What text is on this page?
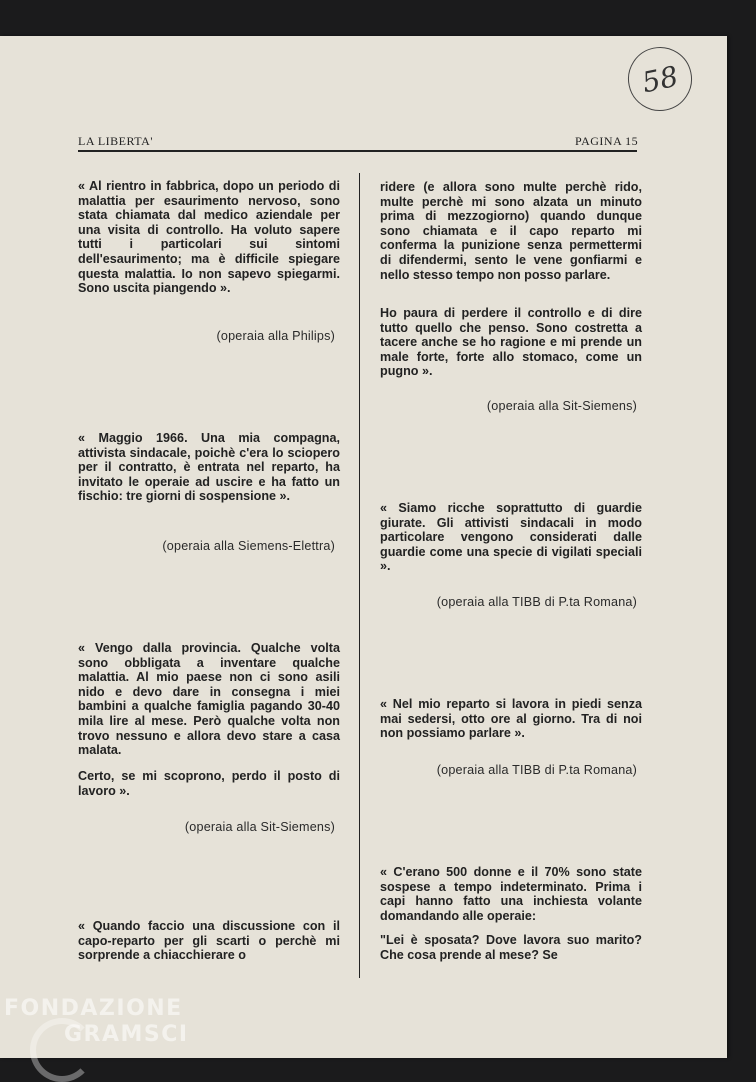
58
LA LIBERTA'	PAGINA 15

« Al rientro in fabbrica, dopo un periodo di malattia per esaurimento nervoso, sono stata chiamata dal medico aziendale per una visita di controllo. Ha voluto sapere tutti i particolari sui sintomi dell'esaurimento; ma è difficile spiegare questa malattia. Io non sapevo spiegarmi. Sono uscita piangendo ».

(operaia alla Philips)

« Maggio 1966. Una mia compagna, attivista sindacale, poichè c'era lo sciopero per il contratto, è entrata nel reparto, ha invitato le operaie ad uscire e ha fatto un fischio: tre giorni di sospensione ».

(operaia alla Siemens-Elettra)

« Vengo dalla provincia. Qualche volta sono obbligata a inventare qualche malattia. Al mio paese non ci sono asili nido e devo dare in consegna i miei bambini a qualche famiglia pagando 30-40 mila lire al mese. Però qualche volta non trovo nessuno e allora devo stare a casa malata.

Certo, se mi scoprono, perdo il posto di lavoro ».

(operaia alla Sit-Siemens)

« Quando faccio una discussione con il capo-reparto per gli scarti o perchè mi sorprende a chiacchierare o

ridere (e allora sono multe perchè rido, multe perchè mi sono alzata un minuto prima di mezzogiorno) quando dunque sono chiamata e il capo reparto mi conferma la punizione senza permettermi di difendermi, sento le vene gonfiarmi e nello stesso tempo non posso parlare.

Ho paura di perdere il controllo e di dire tutto quello che penso. Sono costretta a tacere anche se ho ragione e mi prende un male forte, forte allo stomaco, come un pugno ».

(operaia alla Sit-Siemens)

« Siamo ricche soprattutto di guardie giurate. Gli attivisti sindacali in modo particolare vengono considerati dalle guardie come una specie di vigilati speciali ».

(operaia alla TIBB di P.ta Romana)

« Nel mio reparto si lavora in piedi senza mai sedersi, otto ore al giorno. Tra di noi non possiamo parlare ».

(operaia alla TIBB di P.ta Romana)

« C'erano 500 donne e il 70% sono state sospese a tempo indeterminato. Prima i capi hanno fatto una inchiesta volante domandando alle operaie:

"Lei è sposata? Dove lavora suo marito? Che cosa prende al mese? Se

FONDAZIONE
GRAMSCI
